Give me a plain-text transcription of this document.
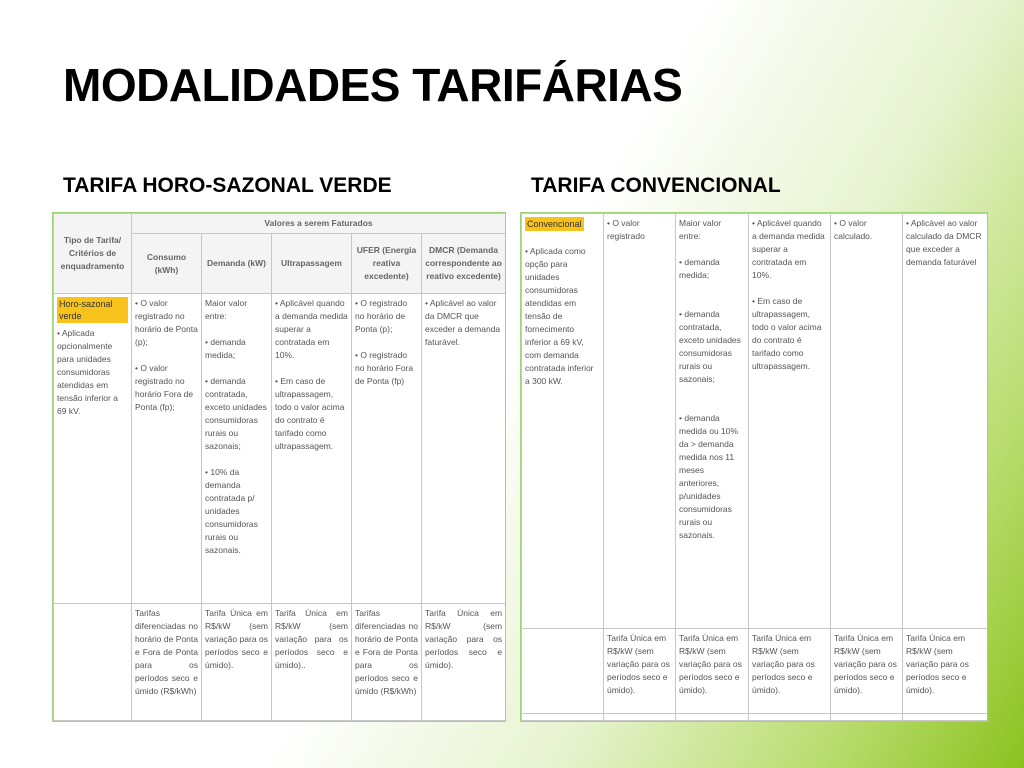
MODALIDADES TARIFÁRIAS
TARIFA HORO-SAZONAL VERDE	TARIFA CONVENCIONAL
Tipo de Tarifa/ Critérios de enquadramento	Valores a serem Faturados				
	Consumo (kWh)	Demanda (kW)	Ultrapassagem	UFER (Energia reativa excedente)	DMCR (Demanda correspondente ao reativo excedente)
Horo-sazonal verde
• Aplicada opcionalmente para unidades consumidoras atendidas em tensão inferior a 69 kV.	• O valor registrado no horário de Ponta (p);

• O valor registrado no horário Fora de Ponta (fp);	Maior valor entre:

• demanda medida;

• demanda contratada, exceto unidades consumidoras rurais ou sazonais;

• 10% da demanda contratada p/ unidades consumidoras rurais ou sazonais.	• Aplicável quando a demanda medida superar a contratada em 10%.

• Em caso de ultrapassagem, todo o valor acima do contrato é tarifado como ultrapassagem.	• O registrado no horário de Ponta (p);

• O registrado no horário Fora de Ponta (fp)	• Aplicável ao valor da DMCR que exceder a demanda faturável.

	Tarifas diferenciadas no horário de Ponta e Fora de Ponta para os períodos seco e úmido (R$/kWh)	Tarifa Única em R$/kW (sem variação para os períodos seco e úmido).	Tarifa Única em R$/kW (sem variação para os períodos seco e úmido)..	Tarifas diferenciadas no horário de Ponta e Fora de Ponta para os períodos seco e úmido (R$/kWh)	Tarifa Única em R$/kW (sem variação para os períodos seco e úmido).
Convencional
• Aplicada como opção para unidades consumidoras atendidas em tensão de fornecimento inferior a 69 kV, com demanda contratada inferior a 300 kW.	• O valor registrado	Maior valor entre:

• demanda medida;

• demanda contratada, exceto unidades consumidoras rurais ou sazonais;

• demanda medida ou 10% da > demanda medida nos 11 meses anteriores, p/unidades consumidoras rurais ou sazonais.	• Aplicável quando a demanda medida superar a contratada em 10%.

• Em caso de ultrapassagem, todo o valor acima do contrato é tarifado como ultrapassagem.	• O valor calculado.	• Aplicável ao valor calculado da DMCR que exceder a demanda faturável

	Tarifa Única em R$/kW (sem variação para os períodos seco e úmido).	Tarifa Única em R$/kW (sem variação para os períodos seco e úmido).	Tarifa Única em R$/kW (sem variação para os períodos seco e úmido).	Tarifa Única em R$/kW (sem variação para os períodos seco e úmido).	Tarifa Única em R$/kW (sem variação para os períodos seco e úmido).
